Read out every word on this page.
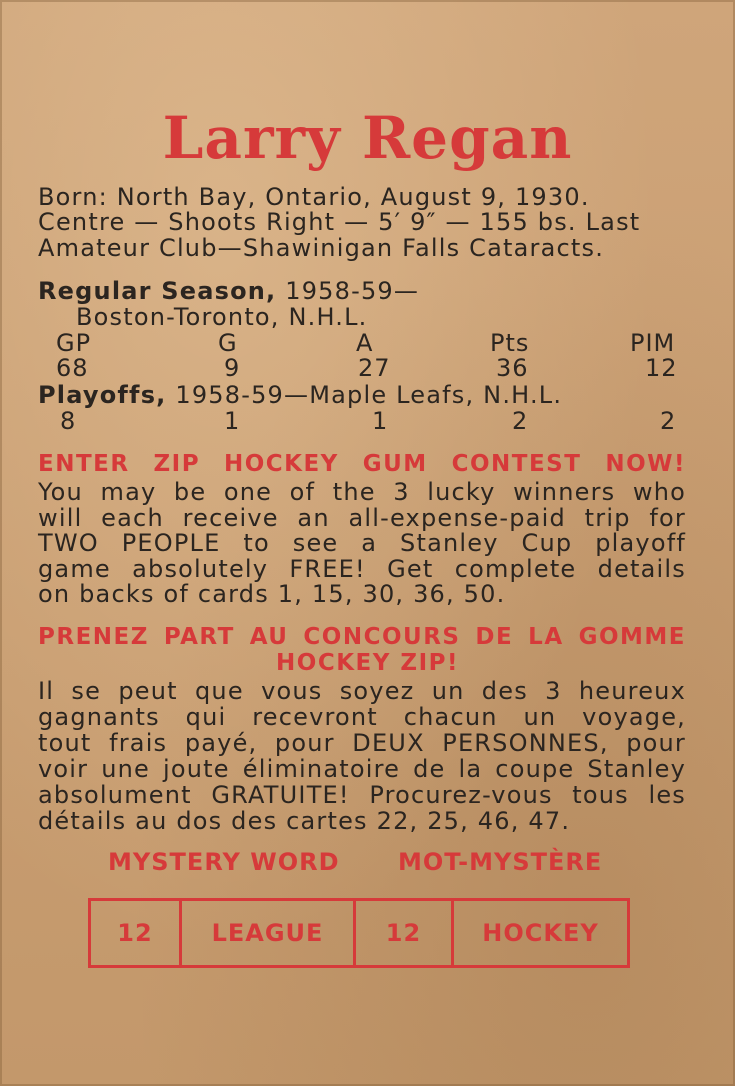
Larry Regan
Born: North Bay, Ontario, August 9, 1930.
Centre — Shoots Right — 5′ 9″ — 155 bs. Last
Amateur Club—Shawinigan Falls Cataracts.
Regular Season, 1958-59—
Boston-Toronto, N.H.L.
GP	G	A	Pts	PIM
68	9	27	36	12
Playoffs, 1958-59—Maple Leafs, N.H.L.
8	1	1	2	2
ENTER ZIP HOCKEY GUM CONTEST NOW!
You may be one of the 3 lucky winners who
will each receive an all-expense-paid trip for
TWO PEOPLE to see a Stanley Cup playoff
game absolutely FREE! Get complete details
on backs of cards 1, 15, 30, 36, 50.
PRENEZ PART AU CONCOURS DE LA GOMME
HOCKEY ZIP!
Il se peut que vous soyez un des 3 heureux
gagnants qui recevront chacun un voyage,
tout frais payé, pour DEUX PERSONNES, pour
voir une joute éliminatoire de la coupe Stanley
absolument GRATUITE! Procurez-vous tous les
détails au dos des cartes 22, 25, 46, 47.
MYSTERY WORD MOT-MYSTÈRE
12	LEAGUE	12	HOCKEY
